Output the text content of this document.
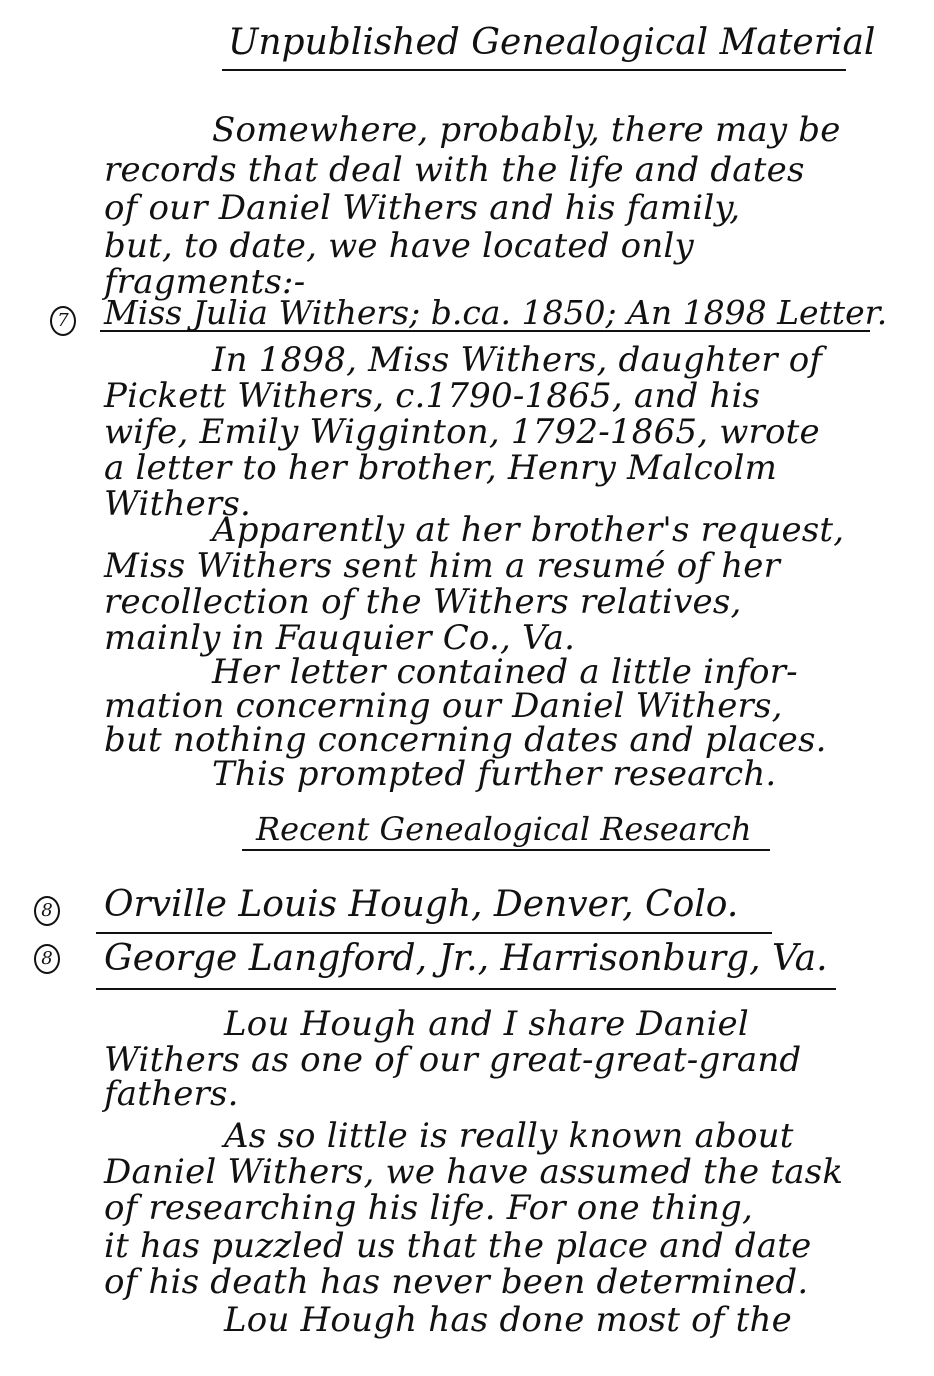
Unpublished Genealogical Material
Somewhere, probably, there may be
records that deal with the life and dates
of our Daniel Withers and his family,
but, to date, we have located only
fragments:-
7 Miss Julia Withers; b.ca. 1850; An 1898 Letter.
In 1898, Miss Withers, daughter of
Pickett Withers, c.1790-1865, and his
wife, Emily Wigginton, 1792-1865, wrote
a letter to her brother, Henry Malcolm
Withers.
Apparently at her brother's request,
Miss Withers sent him a resumé of her
recollection of the Withers relatives,
mainly in Fauquier Co., Va.
Her letter contained a little infor-
mation concerning our Daniel Withers,
but nothing concerning dates and places.
This prompted further research.
Recent Genealogical Research
8 Orville Louis Hough, Denver, Colo.
8 George Langford, Jr., Harrisonburg, Va.
Lou Hough and I share Daniel
Withers as one of our great-great-grand
fathers.
As so little is really known about
Daniel Withers, we have assumed the task
of researching his life. For one thing,
it has puzzled us that the place and date
of his death has never been determined.
Lou Hough has done most of the
